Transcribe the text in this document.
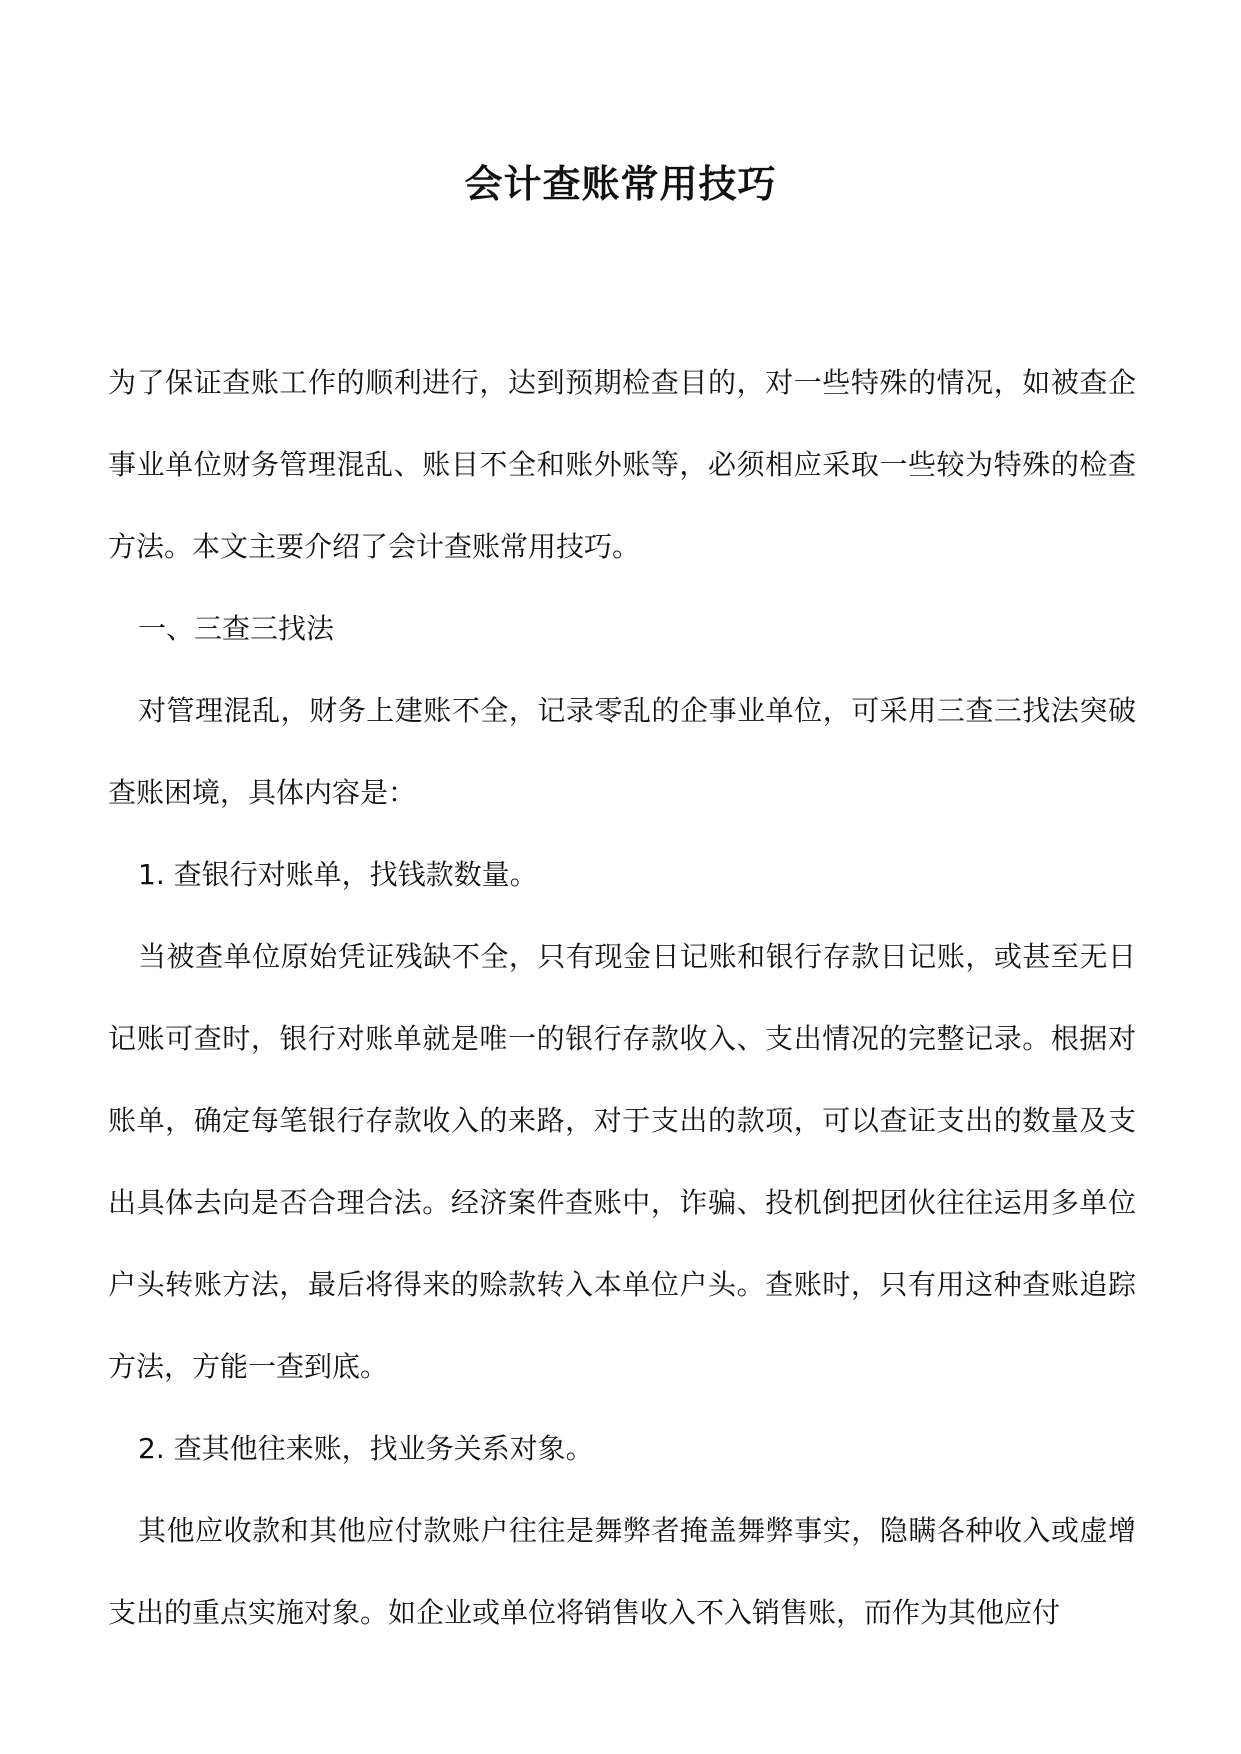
会计查账常用技巧

为了保证查账工作的顺利进行，达到预期检查目的，对一些特殊的情况，如被查企事业单位财务管理混乱、账目不全和账外账等，必须相应采取一些较为特殊的检查方法。本文主要介绍了会计查账常用技巧。

一、三查三找法

对管理混乱，财务上建账不全，记录零乱的企事业单位，可采用三查三找法突破查账困境，具体内容是：

1. 查银行对账单，找钱款数量。

当被查单位原始凭证残缺不全，只有现金日记账和银行存款日记账，或甚至无日记账可查时，银行对账单就是唯一的银行存款收入、支出情况的完整记录。根据对账单，确定每笔银行存款收入的来路，对于支出的款项，可以查证支出的数量及支出具体去向是否合理合法。经济案件查账中，诈骗、投机倒把团伙往往运用多单位户头转账方法，最后将得来的赊款转入本单位户头。查账时，只有用这种查账追踪方法，方能一查到底。

2. 查其他往来账，找业务关系对象。

其他应收款和其他应付款账户往往是舞弊者掩盖舞弊事实，隐瞒各种收入或虚增支出的重点实施对象。如企业或单位将销售收入不入销售账，而作为其他应付
